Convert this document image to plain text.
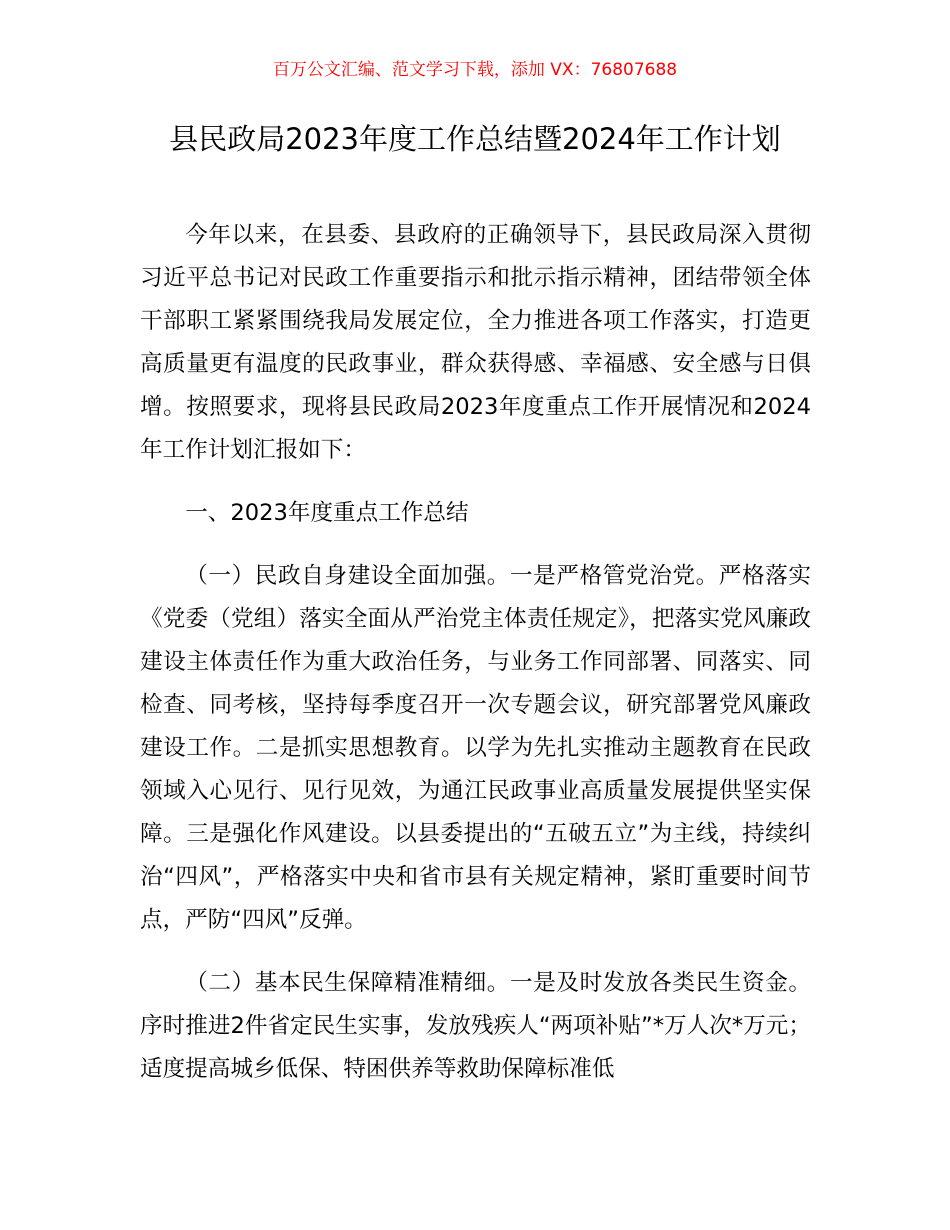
百万公文汇编、范文学习下载，添加 VX：76807688
县民政局2023年度工作总结暨2024年工作计划

今年以来，在县委、县政府的正确领导下，县民政局深入贯彻习近平总书记对民政工作重要指示和批示指示精神，团结带领全体干部职工紧紧围绕我局发展定位，全力推进各项工作落实，打造更高质量更有温度的民政事业，群众获得感、幸福感、安全感与日俱增。按照要求，现将县民政局2023年度重点工作开展情况和2024年工作计划汇报如下：

一、2023年度重点工作总结

（一）民政自身建设全面加强。一是严格管党治党。严格落实《党委（党组）落实全面从严治党主体责任规定》，把落实党风廉政建设主体责任作为重大政治任务，与业务工作同部署、同落实、同检查、同考核，坚持每季度召开一次专题会议，研究部署党风廉政建设工作。二是抓实思想教育。以学为先扎实推动主题教育在民政领域入心见行、见行见效，为通江民政事业高质量发展提供坚实保障。三是强化作风建设。以县委提出的“五破五立”为主线，持续纠治“四风”，严格落实中央和省市县有关规定精神，紧盯重要时间节点，严防“四风”反弹。

（二）基本民生保障精准精细。一是及时发放各类民生资金。序时推进2件省定民生实事，发放残疾人“两项补贴”*万人次*万元；适度提高城乡低保、特困供养等救助保障标准低
